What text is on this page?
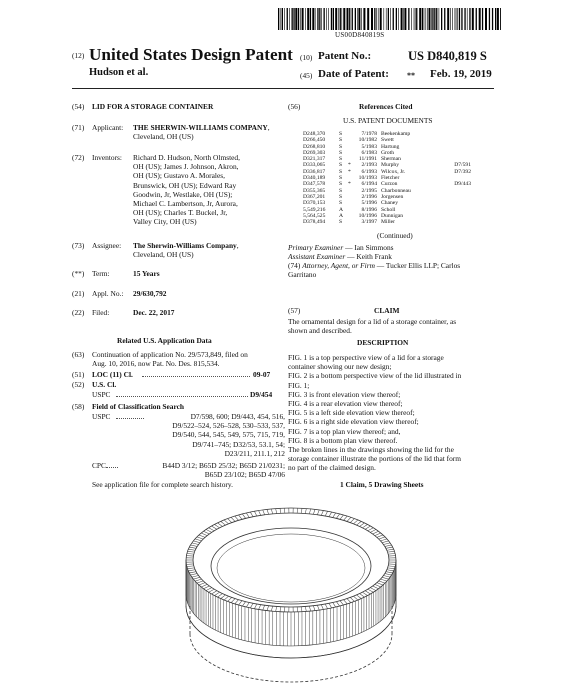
US00D840819S
(12) United States Design Patent
Hudson et al.
(10) Patent No.:	US D840,819 S
(45) Date of Patent: ** Feb. 19, 2019
(54) LID FOR A STORAGE CONTAINER
(71) Applicant: THE SHERWIN-WILLIAMS COMPANY, Cleveland, OH (US)
(72) Inventors: Richard D. Hudson, North Olmsted,
OH (US); James J. Johnson, Akron,
OH (US); Gustavo A. Morales,
Brunswick, OH (US); Edward Ray
Goodwin, Jr, Westlake, OH (US);
Michael C. Lambertson, Jr, Aurora,
OH (US); Charles T. Buckel, Jr,
Valley City, OH (US)
(73) Assignee: The Sherwin-Williams Company,
Cleveland, OH (US)
(**) Term:	15 Years
(21) Appl. No.: 29/630,792
(22) Filed:	Dec. 22, 2017
Related U.S. Application Data
(63) Continuation of application No. 29/573,849, filed on
Aug. 10, 2016, now Pat. No. Des. 815,534.
(51) LOC (11) Cl.	09-07
(52) U.S. Cl.
USPC	D9/454
(58) Field of Classification Search
USPC	D7/598, 600; D9/443, 454, 516,
D9/522–524, 526–528, 530–533, 537,
D9/540, 544, 545, 549, 575, 715, 719,
D9/741–745; D32/53, 53.1, 54;
D23/211, 211.1, 212
CPC	B44D 3/12; B65D 25/32; B65D 21/0231;
B65D 23/102; B65D 47/06
See application file for complete search history.
(56)	References Cited
U.S. PATENT DOCUMENTS
D248,370	S	7/1978 Beekenkamp
D266,450	S	10/1982 Swett
D268,810	S	5/1983 Hartung
D269,303	S	6/1983 Groth
D321,317	S	11/1991 Sherman
D333,065	S	*	2/1993 Murphy	D7/591
D336,817	S	*	6/1993 Wilcox, Jr.	D7/392
D340,189	S	10/1993 Fletcher
D347,578	S	*	6/1994 Curzon	D9/443
D355,365	S	2/1995 Charbonneau
D367,201	S	2/1996 Jorgensen
D370,153	S	5/1996 Chaney
5,549,216	A	8/1996 Scholl
5,564,525	A	10/1996 Dunnigan
D378,494	S	3/1997 Miller
(Continued)
Primary Examiner — Ian Simmons
Assistant Examiner — Keith Frank
(74) Attorney, Agent, or Firm — Tucker Ellis LLP; Carlos
Garritano
(57)	CLAIM
The ornamental design for a lid of a storage container, as
shown and described.
DESCRIPTION
FIG. 1 is a top perspective view of a lid for a storage
container showing our new design;
FIG. 2 is a bottom perspective view of the lid illustrated in
FIG. 1;
FIG. 3 is front elevation view thereof;
FIG. 4 is a rear elevation view thereof;
FIG. 5 is a left side elevation view thereof;
FIG. 6 is a right side elevation view thereof;
FIG. 7 is a top plan view thereof; and,
FIG. 8 is a bottom plan view thereof.
The broken lines in the drawings showing the lid for the
storage container illustrate the portions of the lid that form
no part of the claimed design.
1 Claim, 5 Drawing Sheets
